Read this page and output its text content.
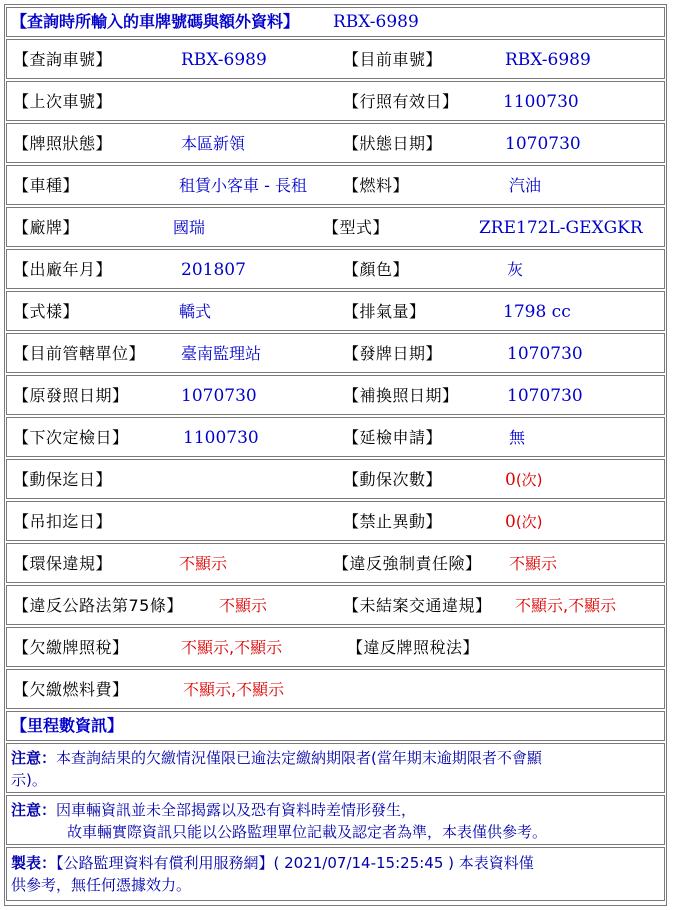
【查詢時所輸入的車牌號碼與額外資料】 RBX-6989
【查詢車號】	RBX-6989	【目前車號】	RBX-6989
【上次車號】	【行照有效日】	1100730
【牌照狀態】	本區新領	【狀態日期】	1070730
【車種】	租賃小客車 - 長租 【燃料】	汽油
【廠牌】	國瑞	【型式】	ZRE172L-GEXGKR
【出廠年月】	201807	【顏色】	灰
【式樣】	轎式	【排氣量】	1798 cc
【目前管轄單位】 臺南監理站	【發牌日期】	1070730
【原發照日期】	1070730	【補換照日期】	1070730
【下次定檢日】	1100730	【延檢申請】	無
【動保迄日】	【動保次數】	0(次)
【吊扣迄日】	【禁止異動】	0(次)
【環保違規】	不顯示	【違反強制責任險】 不顯示
【違反公路法第75條】 不顯示	【未結案交通違規】 不顯示,不顯示
【欠繳牌照稅】	不顯示,不顯示	【違反牌照稅法】
【欠繳燃料費】	不顯示,不顯示
【里程數資訊】
注意：本查詢結果的欠繳情況僅限已逾法定繳納期限者(當年期末逾期限者不會顯
示)。
注意：因車輛資訊並未全部揭露以及恐有資料時差情形發生，
故車輛實際資訊只能以公路監理單位記載及認定者為準，本表僅供參考。
製表：【公路監理資料有償利用服務網】( 2021/07/14-15:25:45 ) 本表資料僅
供參考，無任何憑據效力。
